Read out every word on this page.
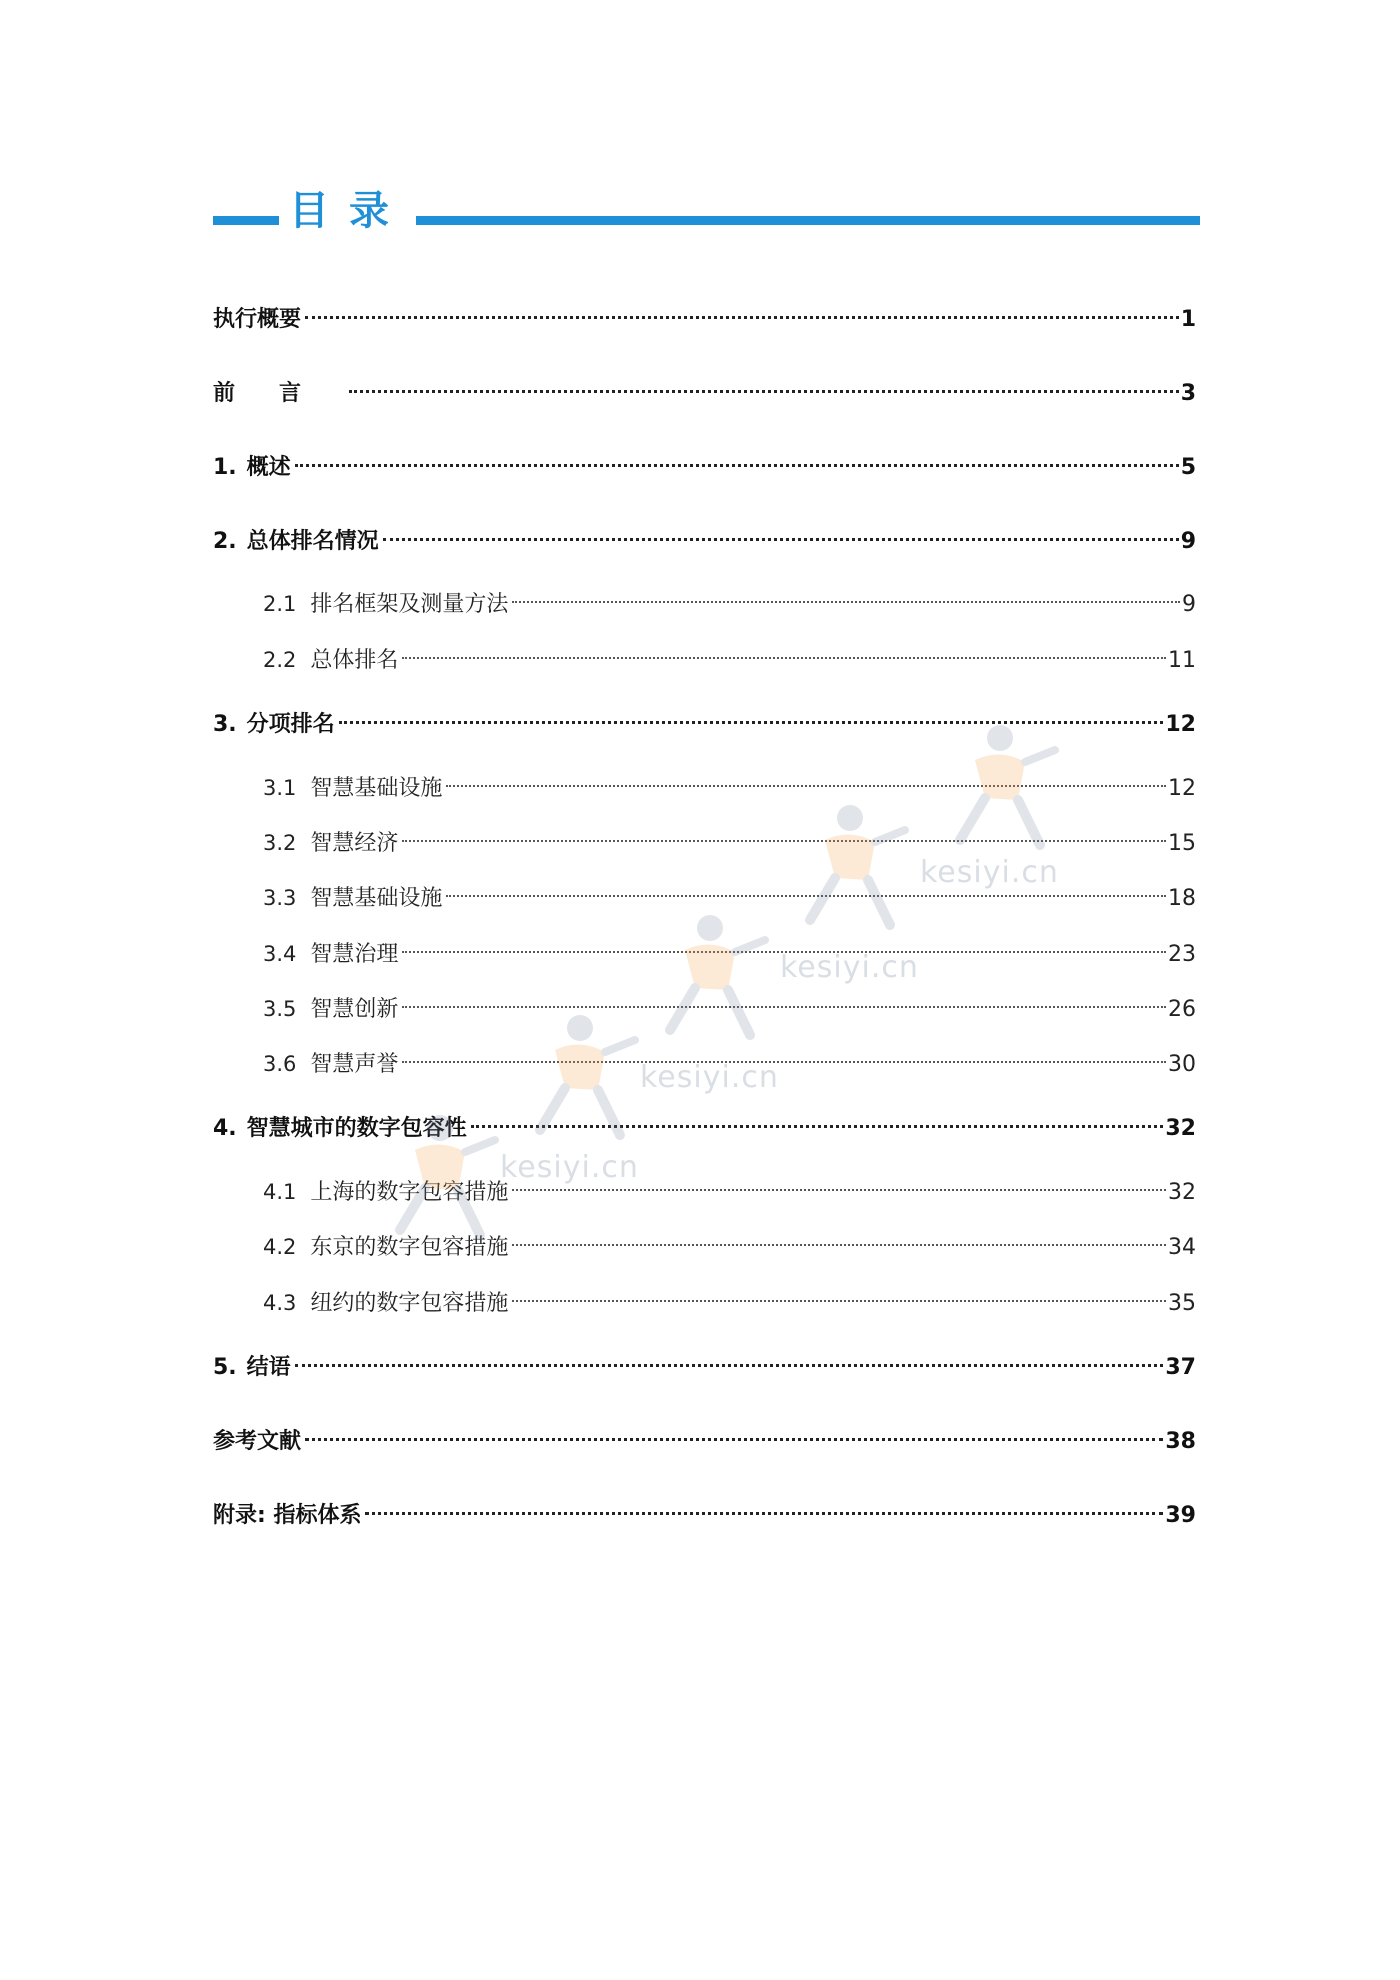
目录
执行概要	1
前言	3
1. 概述	5
2. 总体排名情况	9
2.1 排名框架及测量方法	9
2.2 总体排名	11
3. 分项排名	12
3.1 智慧基础设施	12
3.2 智慧经济	15
3.3 智慧基础设施	18
3.4 智慧治理	23
3.5 智慧创新	26
3.6 智慧声誉	30
4. 智慧城市的数字包容性	32
4.1 上海的数字包容措施	32
4.2 东京的数字包容措施	34
4.3 纽约的数字包容措施	35
5. 结语	37
参考文献	38
附录: 指标体系	39
kesiyi.cn
kesiyi.cn
kesiyi.cn
kesiyi.cn
